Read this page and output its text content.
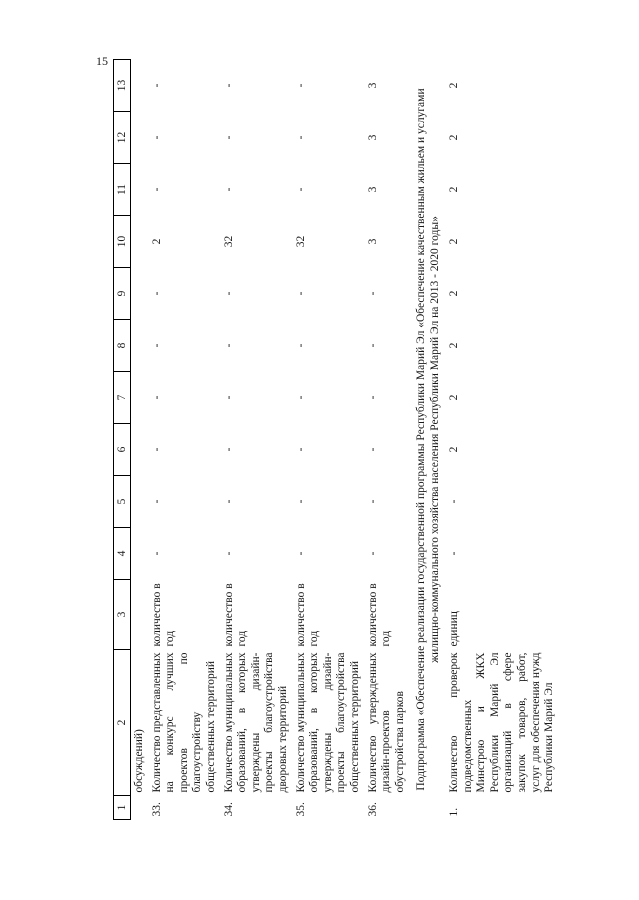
15
1	2	3	4	5	6	7	8	9	10	11	12	13
	обсуждений)											
33.	Количество представленных на конкурс лучших проектов по благоустройству общественных территорий	количество в год	-	-	-	-	-	-	2	-	-	-
34.	Количество муниципальных образований, в которых утверждены дизайн-проекты благоустройства дворовых территорий	количество в год	-	-	-	-	-	-	32	-	-	-
35.	Количество муниципальных образований, в которых утверждены дизайн-проекты благоустройства общественных территорий	количество в год	-	-	-	-	-	-	32	-	-	-
36.	Количество утвержденных дизайн-проектов обустройства парков	количество в год	-	-	-	-	-	-	3	3	3	3
Подпрограмма «Обеспечение реализации государственной программы Республики Марий Эл «Обеспечение качественным жильем и услугами жилищно-коммунального хозяйства населения Республики Марий Эл на 2013 - 2020 годы»												
1.	Количество проверок подведомственных Минстрою и ЖКХ Республики Марий Эл организаций в сфере закупок товаров, работ, услуг для обеспечения нужд Республики Марий Эл	единиц	-	-	2	2	2	2	2	2	2	2
